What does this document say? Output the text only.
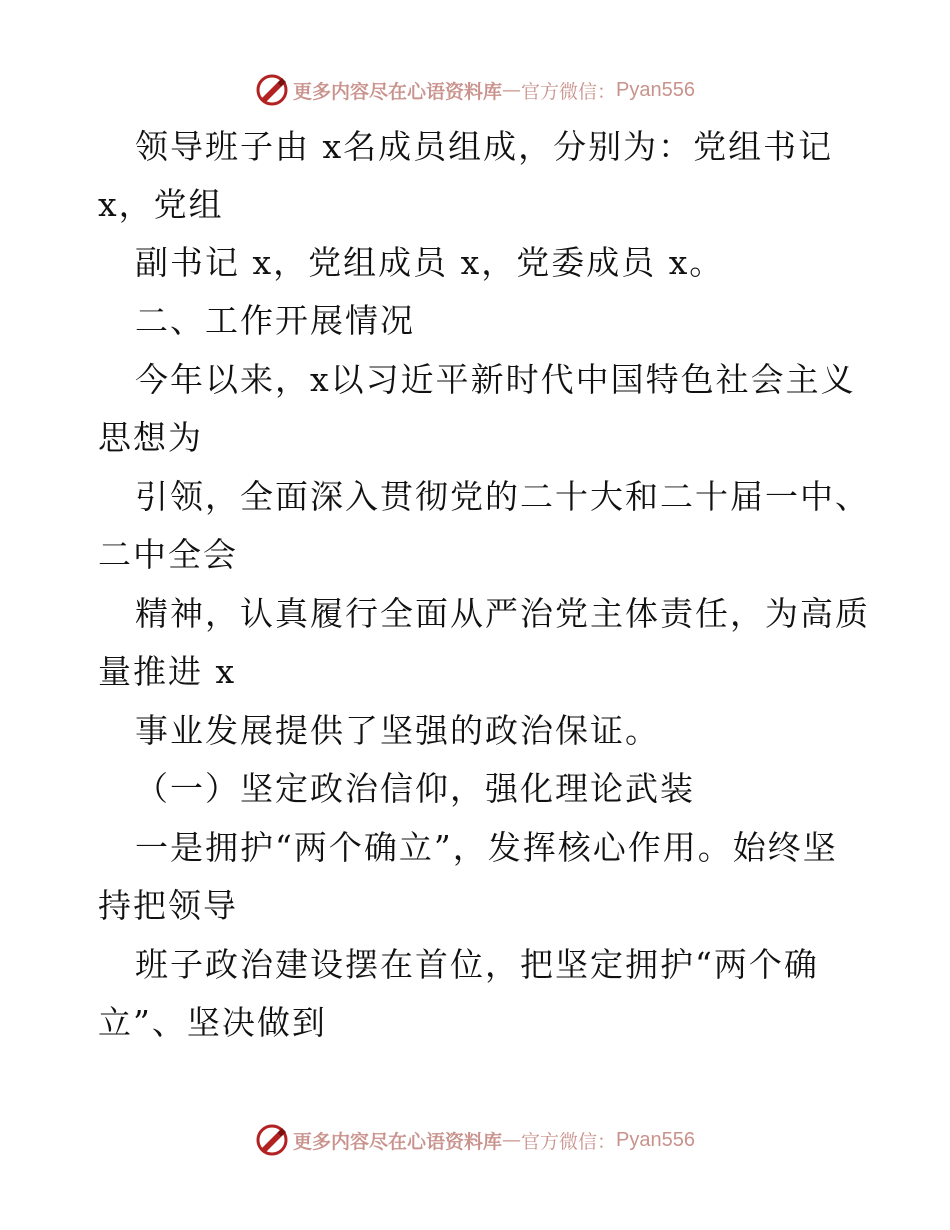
更多内容尽在心语资料库 — 官方微信： Pyan556
领导班子由 x名成员组成，分别为：党组书记
x，党组
副书记 x，党组成员 x，党委成员 x。
二、工作开展情况
今年以来，x以习近平新时代中国特色社会主义
思想为
引领，全面深入贯彻党的二十大和二十届一中、
二中全会
精神，认真履行全面从严治党主体责任，为高质
量推进 x
事业发展提供了坚强的政治保证。
（一）坚定政治信仰，强化理论武装
一是拥护“两个确立”，发挥核心作用。始终坚
持把领导
班子政治建设摆在首位，把坚定拥护“两个确
立”、坚决做到
更多内容尽在心语资料库 — 官方微信： Pyan556
